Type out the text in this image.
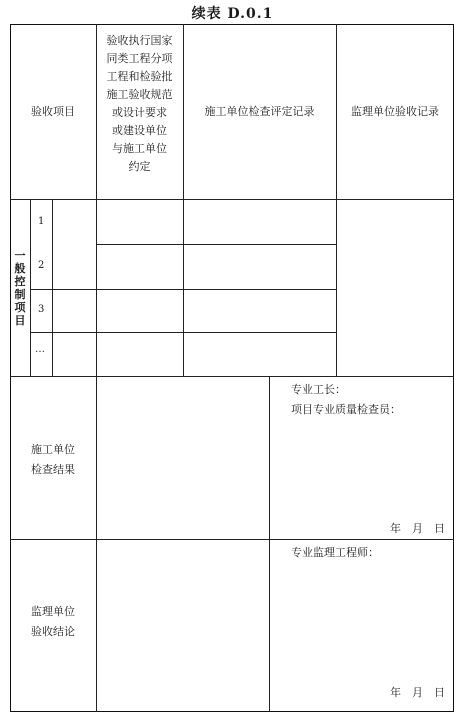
续表 D.0.1
验收项目
验收执行国家
同类工程分项
工程和检验批
施工验收规范
或设计要求
或建设单位
与施工单位
约定
施工单位检查评定记录	监理单位验收记录
一
般
控
制
项
目
1
2
3
…
施工单位
检查结果
专业工长：
项目专业质量检查员：
年　月　日
监理单位
验收结论
专业监理工程师：
年　月　日
